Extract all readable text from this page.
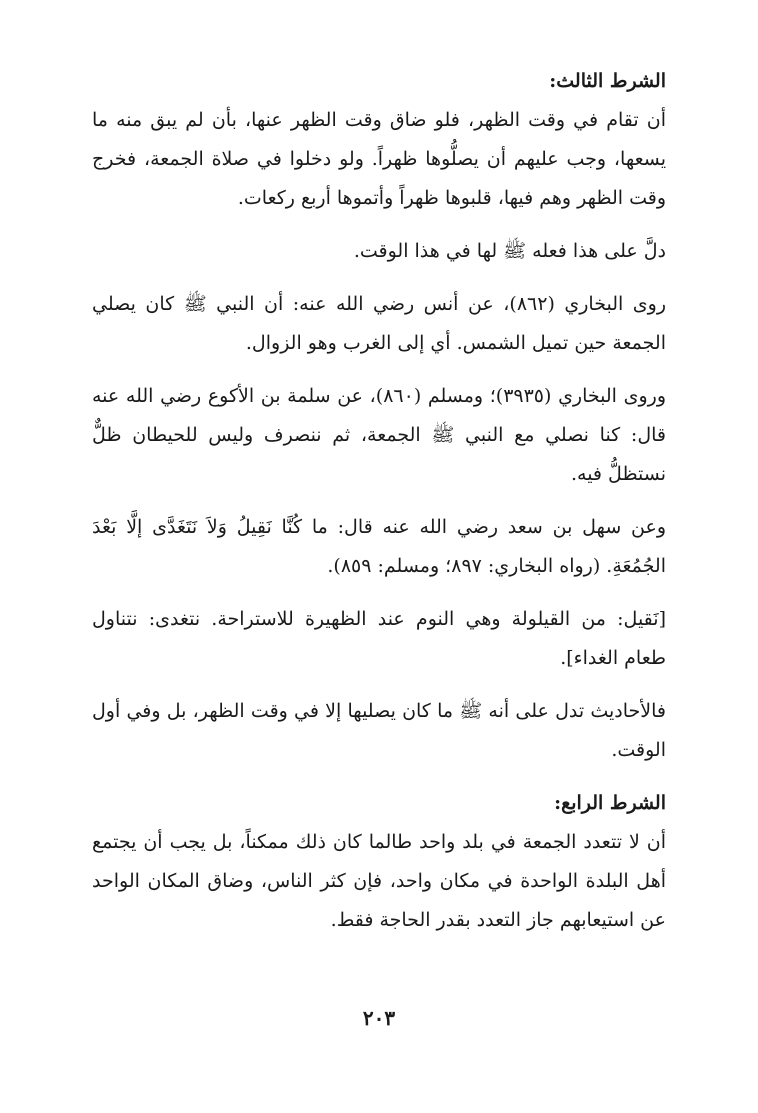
الشرط الثالث:

أن تقام في وقت الظهر، فلو ضاق وقت الظهر عنها، بأن لم يبق منه ما يسعها، وجب عليهم أن يصلُّوها ظهراً. ولو دخلوا في صلاة الجمعة، فخرج وقت الظهر وهم فيها، قلبوها ظهراً وأتموها أربع ركعات.

دلَّ على هذا فعله ﷺ لها في هذا الوقت.

روى البخاري (٨٦٢)، عن أنس رضي الله عنه: أن النبي ﷺ كان يصلي الجمعة حين تميل الشمس. أي إلى الغرب وهو الزوال.

وروى البخاري (٣٩٣٥)؛ ومسلم (٨٦٠)، عن سلمة بن الأكوع رضي الله عنه قال: كنا نصلي مع النبي ﷺ الجمعة، ثم ننصرف وليس للحيطان ظلٌّ نستظلُّ فيه.

وعن سهل بن سعد رضي الله عنه قال: ما كُنَّا نَقِيلُ وَلاَ نَتَغَدَّى إلَّا بَعْدَ الجُمُعَةِ. (رواه البخاري: ٨٩٧؛ ومسلم: ٨٥٩).

[نَقيل: من القيلولة وهي النوم عند الظهيرة للاستراحة. نتغدى: نتناول طعام الغداء].

فالأحاديث تدل على أنه ﷺ ما كان يصليها إلا في وقت الظهر، بل وفي أول الوقت.

الشرط الرابع:

أن لا تتعدد الجمعة في بلد واحد طالما كان ذلك ممكناً، بل يجب أن يجتمع أهل البلدة الواحدة في مكان واحد، فإن كثر الناس، وضاق المكان الواحد عن استيعابهم جاز التعدد بقدر الحاجة فقط.

٢٠٣
